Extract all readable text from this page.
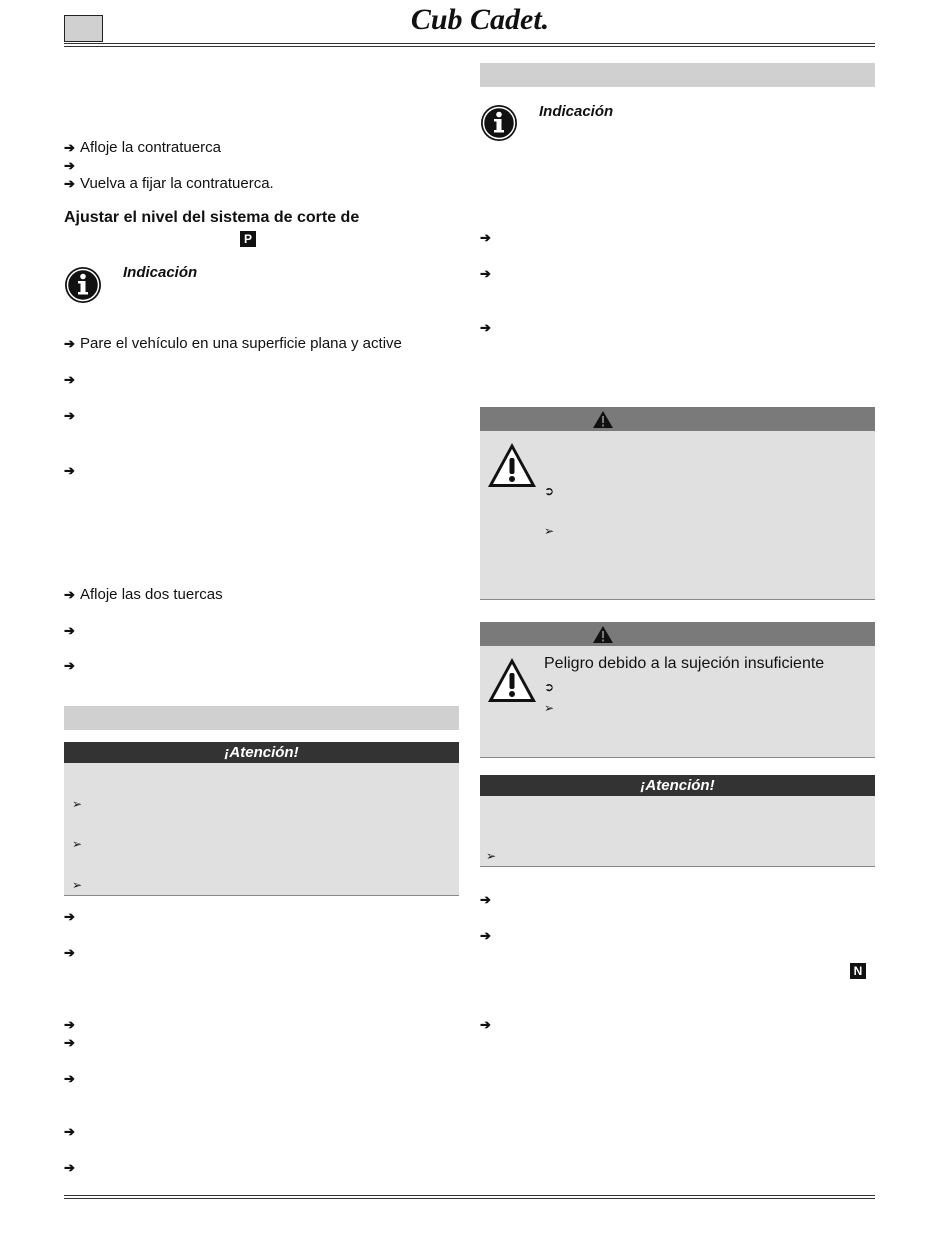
Cub Cadet.
➔ Afloje la contratuerca
➔
➔ Vuelva a fijar la contratuerca.
Ajustar el nivel del sistema de corte de
P
Indicación
➔ Pare el vehículo en una superficie plana y active
➔
➔
➔
➔ Afloje las dos tuercas
➔
➔
¡Atención!
➢
➢
➢
➔
➔
➔
➔
➔
➔
➔
Indicación
➔
➔
➔
➲
➢
Peligro debido a la sujeción insuficiente
➲
➢
¡Atención!
➢
➔
➔
N
➔
